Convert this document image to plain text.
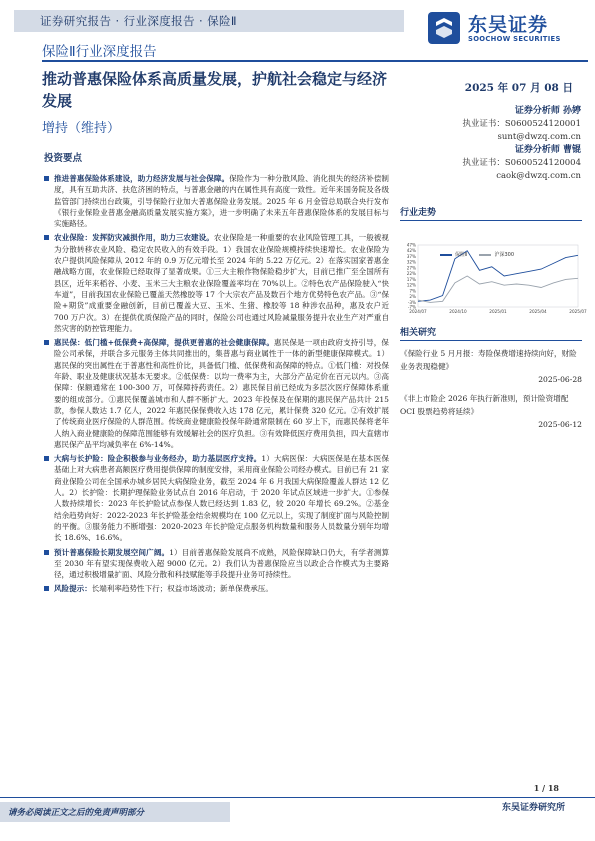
证券研究报告 · 行业深度报告 · 保险Ⅱ	东吴证券
SOOCHOW SECURITIES
保险Ⅱ行业深度报告
推动普惠保险体系高质量发展，护航社会稳定与经济发展
增持（维持）
2025 年 07 月 08 日
证券分析师 孙婷
执业证书：S0600524120001
sunt@dwzq.com.cn
证券分析师 曹锟
执业证书：S0600524120004
caok@dwzq.com.cn
投资要点
推进普惠保险体系建设，助力经济发展与社会保障。保险作为一种分散风险、消化损失的经济补偿制度，具有互助共济、扶危济困的特点，与普惠金融的内在属性具有高度一致性。近年来国务院及各级监管部门持续出台政策，引导保险行业加大普惠保险业务发展。2025 年 6 月金管总局联合央行发布《银行业保险业普惠金融高质量发展实施方案》，进一步明确了未来五年普惠保险体系的发展目标与实施路径。
农业保险：发挥防灾减损作用，助力三农建设。农业保险是一种重要的农业风险管理工具，一般被视为分散转移农业风险、稳定农民收入的有效手段。1）我国农业保险规模持续快速增长。农业保险为农户提供风险保障从 2012 年的 0.9 万亿元增长至 2024 年的 5.22 万亿元。2）在落实国家普惠金融战略方面，农业保险已经取得了显著成果。①三大主粮作物保险稳步扩大，目前已推广至全国所有县区，近年来稻谷、小麦、玉米三大主粮农业保险覆盖率均在 70%以上。②特色农产品保险驶入“快车道”，目前我国农业保险已覆盖天然橡胶等 17 个大宗农产品及数百个地方优势特色农产品。③“保险+期货”成重要金融创新，目前已覆盖大豆、玉米、生猪、橡胶等 18 种涉农品种，惠及农户近 700 万户次。3）在提供优质保险产品的同时，保险公司也通过风险减量服务提升农业生产对严重自然灾害的防控管理能力。
惠民保：低门槛+低保费+高保障，提供更普惠的社会健康保障。惠民保是一项由政府支持引导，保险公司承保，并联合多元服务主体共同推出的，集普惠与商业属性于一体的新型健康保障模式。1）惠民保的突出属性在于普惠性和高性价比，具备低门槛、低保费和高保障的特点。①低门槛：对投保年龄、职业及健康状况基本无要求。②低保费：以均一费率为主，大部分产品定价在百元以内。③高保障：保额通常在 100-300 万，可保障持药责任。2）惠民保目前已经成为多层次医疗保障体系重要的组成部分。①惠民保覆盖城市和人群不断扩大。2023 年投保及在保期的惠民保产品共计 215 款，参保人数达 1.7 亿人，2022 年惠民保保费收入达 178 亿元，累计保费 320 亿元。②有效扩展了传统商业医疗保险的人群范围。传统商业健康险投保年龄通常限制在 60 岁上下，而惠民保将老年人纳入商业健康险的保障范围能够有效缓解社会的医疗负担。③有效降低医疗费用负担，四大直辖市惠民保产品平均减负率在 6%-14%。
大病与长护险：险企积极参与业务经办，助力基层医疗支持。1）大病医保：大病医保是在基本医保基础上对大病患者高额医疗费用提供保障的制度安排，采用商业保险公司经办模式。目前已有 21 家商业保险公司在全国承办城乡居民大病保险业务，截至 2024 年 6 月我国大病保险覆盖人群达 12 亿人。2）长护险：长期护理保险业务试点自 2016 年启动，于 2020 年试点区域进一步扩大。①参保人数持续增长：2023 年长护险试点参保人数已经达到 1.83 亿，较 2020 年增长 69.2%。②基金结余趋势向好：2022-2023 年长护险基金结余规模均在 100 亿元以上，实现了制度扩面与风险控制的平衡。③服务能力不断增强：2020-2023 年长护险定点服务机构数量和服务人员数量分别年均增长 18.6%、16.6%。
预计普惠保险长期发展空间广阔。1）目前普惠保险发展尚不成熟，风险保障缺口仍大，有学者测算至 2030 年有望实现保费收入超 9000 亿元。2）我们认为普惠保险应当以政企合作模式为主要路径，通过积极增量扩面、风险分散和科技赋能等手段提升业务可持续性。
风险提示：长端利率趋势性下行；权益市场波动；新单保费承压。
行业走势
47%
42%
37%
32%
27%
22%
17%
12%
7%
2%
-3%
-7%
2024/07	2024/10	2025/01	2025/04	2025/07
保险Ⅱ	沪深300
相关研究
《保险行业 5 月月报：寿险保费增速持续向好，财险业务表现稳健》
2025-06-28
《非上市险企 2026 年执行新准则，预计险资增配 OCI 股票趋势将延续》
2025-06-12
1 / 18
请务必阅读正文之后的免责声明部分	东吴证券研究所
